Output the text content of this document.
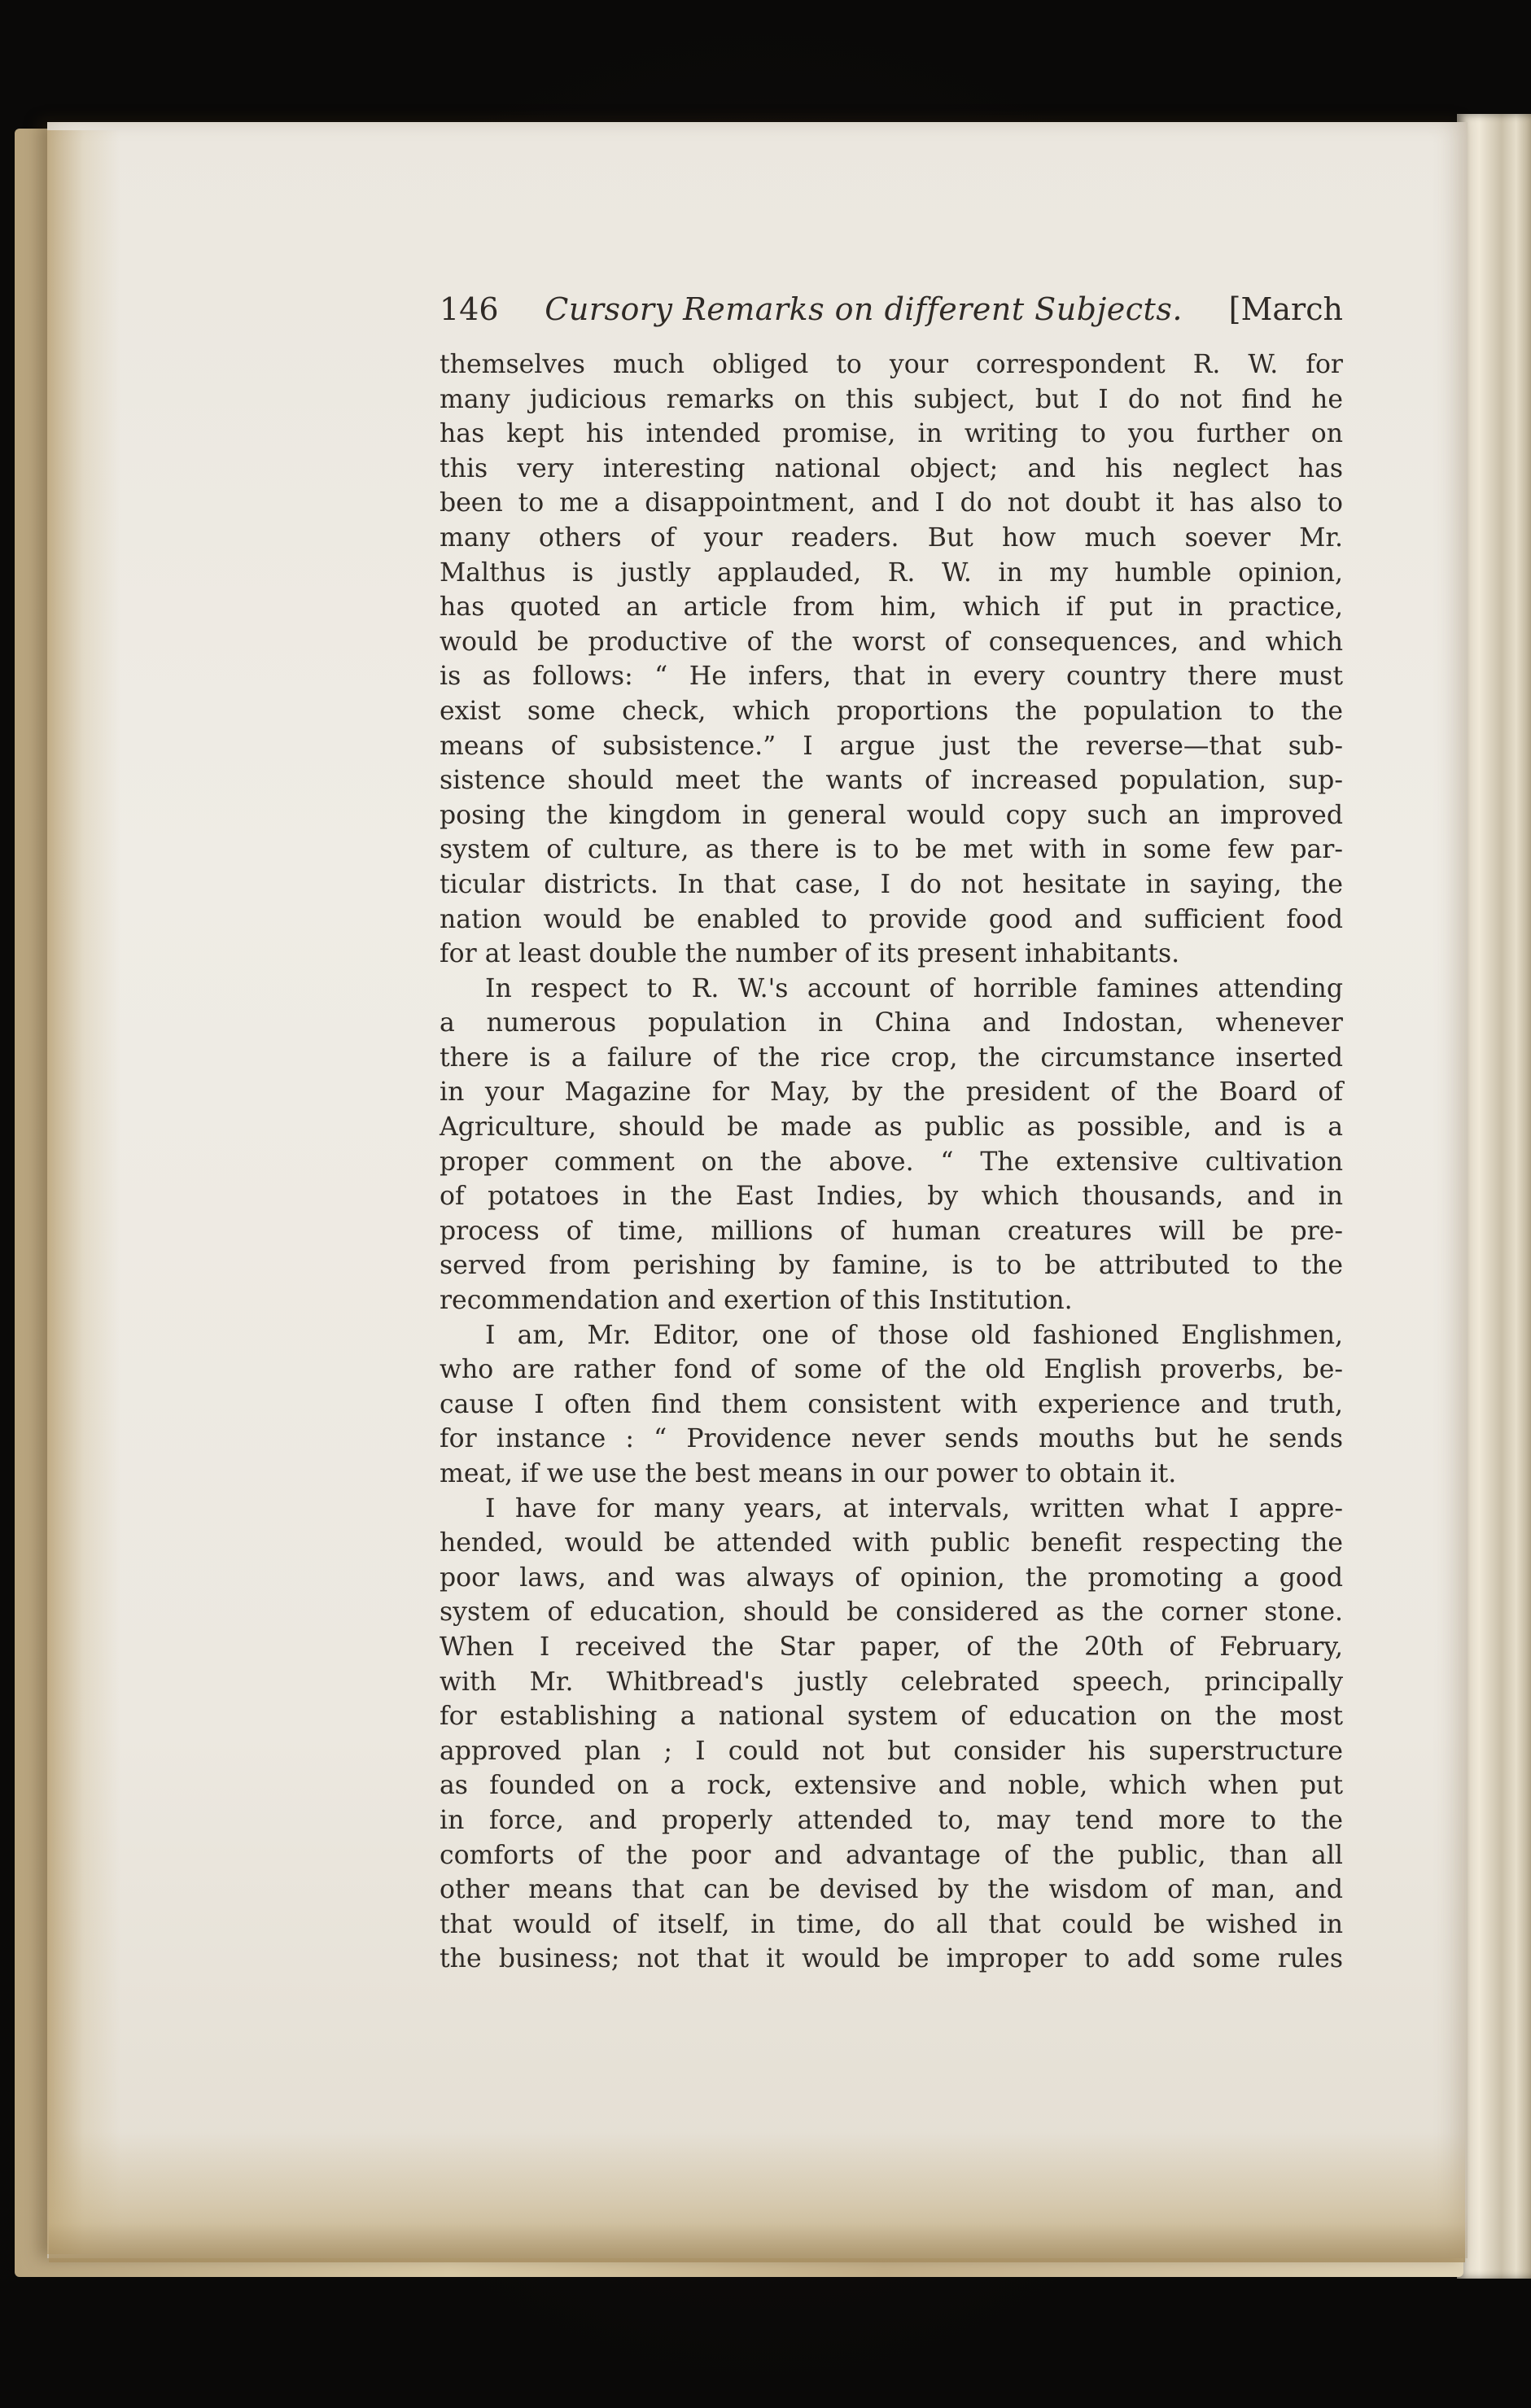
146 Cursory Remarks on different Subjects. [March
themselves much obliged to your correspondent R. W. for
many judicious remarks on this subject, but I do not find he
has kept his intended promise, in writing to you further on
this very interesting national object; and his neglect has
been to me a disappointment, and I do not doubt it has also to
many others of your readers. But how much soever Mr.
Malthus is justly applauded, R. W. in my humble opinion,
has quoted an article from him, which if put in practice,
would be productive of the worst of consequences, and which
is as follows: “ He infers, that in every country there must
exist some check, which proportions the population to the
means of subsistence.” I argue just the reverse—that sub-
sistence should meet the wants of increased population, sup-
posing the kingdom in general would copy such an improved
system of culture, as there is to be met with in some few par-
ticular districts. In that case, I do not hesitate in saying, the
nation would be enabled to provide good and sufficient food
for at least double the number of its present inhabitants.
In respect to R. W.'s account of horrible famines attending
a numerous population in China and Indostan, whenever
there is a failure of the rice crop, the circumstance inserted
in your Magazine for May, by the president of the Board of
Agriculture, should be made as public as possible, and is a
proper comment on the above. “ The extensive cultivation
of potatoes in the East Indies, by which thousands, and in
process of time, millions of human creatures will be pre-
served from perishing by famine, is to be attributed to the
recommendation and exertion of this Institution.
I am, Mr. Editor, one of those old fashioned Englishmen,
who are rather fond of some of the old English proverbs, be-
cause I often find them consistent with experience and truth,
for instance : “ Providence never sends mouths but he sends
meat, if we use the best means in our power to obtain it.
I have for many years, at intervals, written what I appre-
hended, would be attended with public benefit respecting the
poor laws, and was always of opinion, the promoting a good
system of education, should be considered as the corner stone.
When I received the Star paper, of the 20th of February,
with Mr. Whitbread's justly celebrated speech, principally
for establishing a national system of education on the most
approved plan ; I could not but consider his superstructure
as founded on a rock, extensive and noble, which when put
in force, and properly attended to, may tend more to the
comforts of the poor and advantage of the public, than all
other means that can be devised by the wisdom of man, and
that would of itself, in time, do all that could be wished in
the business; not that it would be improper to add some rules
